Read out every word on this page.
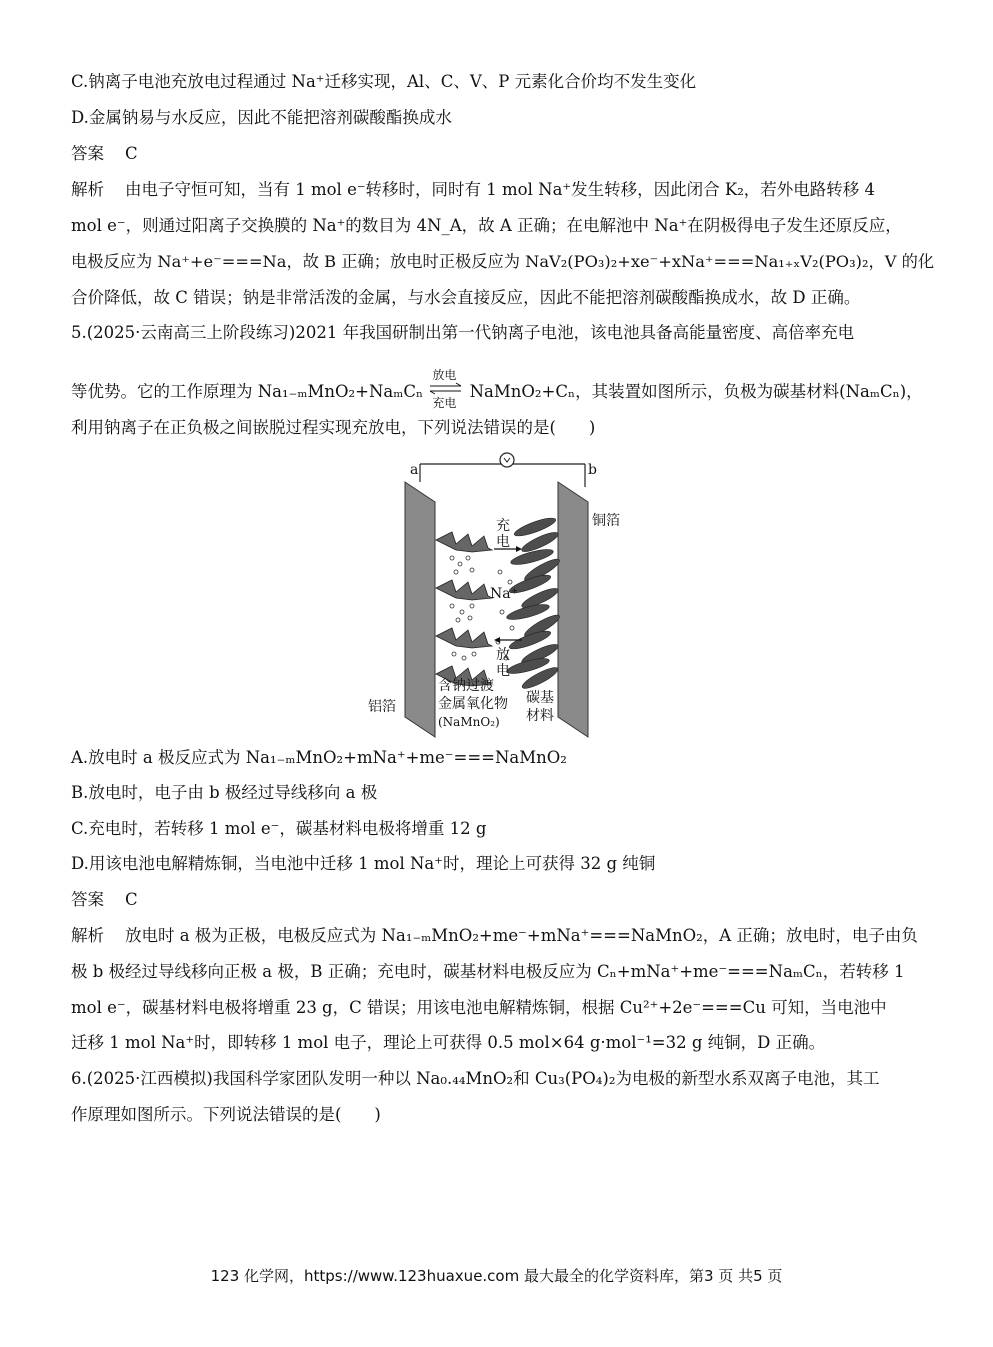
C.钠离子电池充放电过程通过 Na⁺迁移实现，Al、C、V、P 元素化合价均不发生变化
D.金属钠易与水反应，因此不能把溶剂碳酸酯换成水
答案 C
解析 由电子守恒可知，当有 1 mol e⁻转移时，同时有 1 mol Na⁺发生转移，因此闭合 K₂，若外电路转移 4
mol e⁻，则通过阳离子交换膜的 Na⁺的数目为 4N_A，故 A 正确；在电解池中 Na⁺在阴极得电子发生还原反应，
电极反应为 Na⁺+e⁻===Na，故 B 正确；放电时正极反应为 NaV₂(PO₃)₂+xe⁻+xNa⁺===Na₁₊ₓV₂(PO₃)₂，V 的化
合价降低，故 C 错误；钠是非常活泼的金属，与水会直接反应，因此不能把溶剂碳酸酯换成水，故 D 正确。
5.(2025·云南高三上阶段练习)2021 年我国研制出第一代钠离子电池，该电池具备高能量密度、高倍率充电
等优势。它的工作原理为 Na₁₋ₘMnO₂+NaₘCₙ
放电
充电
NaMnO₂+Cₙ，其装置如图所示，负极为碳基材料(NaₘCₙ)，
利用钠离子在正负极之间嵌脱过程实现充放电，下列说法错误的是(　　)
a	b
充
电
Na⁺
放
电
铜箔
铝箔
含钠过渡
金属氧化物
(NaMnO₂)
碳基
材料
A.放电时 a 极反应式为 Na₁₋ₘMnO₂+mNa⁺+me⁻===NaMnO₂
B.放电时，电子由 b 极经过导线移向 a 极
C.充电时，若转移 1 mol e⁻，碳基材料电极将增重 12 g
D.用该电池电解精炼铜，当电池中迁移 1 mol Na⁺时，理论上可获得 32 g 纯铜
答案 C
解析 放电时 a 极为正极，电极反应式为 Na₁₋ₘMnO₂+me⁻+mNa⁺===NaMnO₂，A 正确；放电时，电子由负
极 b 极经过导线移向正极 a 极，B 正确；充电时，碳基材料电极反应为 Cₙ+mNa⁺+me⁻===NaₘCₙ，若转移 1
mol e⁻，碳基材料电极将增重 23 g，C 错误；用该电池电解精炼铜，根据 Cu²⁺+2e⁻===Cu 可知，当电池中
迁移 1 mol Na⁺时，即转移 1 mol 电子，理论上可获得 0.5 mol×64 g·mol⁻¹=32 g 纯铜，D 正确。
6.(2025·江西模拟)我国科学家团队发明一种以 Na₀.₄₄MnO₂和 Cu₃(PO₄)₂为电极的新型水系双离子电池，其工
作原理如图所示。下列说法错误的是(　　)
123 化学网，https://www.123huaxue.com 最大最全的化学资料库，第3 页 共5 页
